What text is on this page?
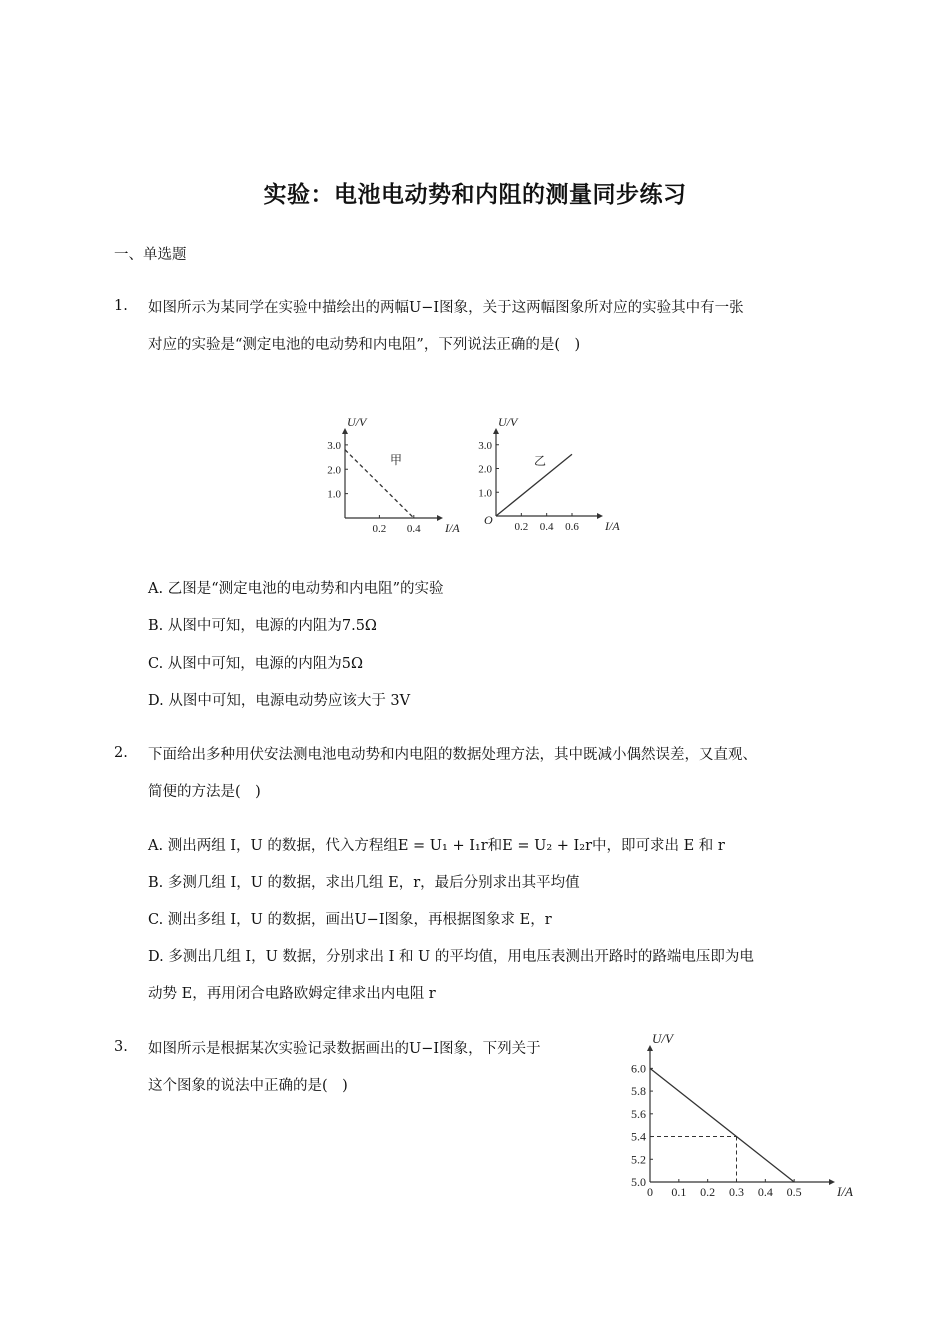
实验：电池电动势和内阻的测量同步练习
一、单选题
1. 如图所示为某同学在实验中描绘出的两幅U−I图象，关于这两幅图象所对应的实验其中有一张
对应的实验是“测定电池的电动势和内电阻”，下列说法正确的是(　)
0.2 0.4
1.0
2.0
3.0
I/A
U/V
甲
0.2 0.4 0.6
1.0
2.0
3.0
I/A
U/V
O
乙
A. 乙图是“测定电池的电动势和内电阻”的实验
B. 从图中可知，电源的内阻为7.5Ω
C. 从图中可知，电源的内阻为5Ω
D. 从图中可知，电源电动势应该大于 3V
2. 下面给出多种用伏安法测电池电动势和内电阻的数据处理方法，其中既减小偶然误差，又直观、
简便的方法是(　)
A. 测出两组 I，U 的数据，代入方程组E = U₁ + I₁r和E = U₂ + I₂r中，即可求出 E 和 r
B. 多测几组 I，U 的数据，求出几组 E，r，最后分别求出其平均值
C. 测出多组 I，U 的数据，画出U−I图象，再根据图象求 E，r
D. 多测出几组 I，U 数据，分别求出 I 和 U 的平均值，用电压表测出开路时的路端电压即为电
动势 E，再用闭合电路欧姆定律求出内电阻 r
3. 如图所示是根据某次实验记录数据画出的U−I图象，下列关于
这个图象的说法中正确的是(　)
0 0.1 0.2 0.3 0.4 0.5
5.0
5.2
5.4
5.6
5.8
6.0
I/A
U/V
